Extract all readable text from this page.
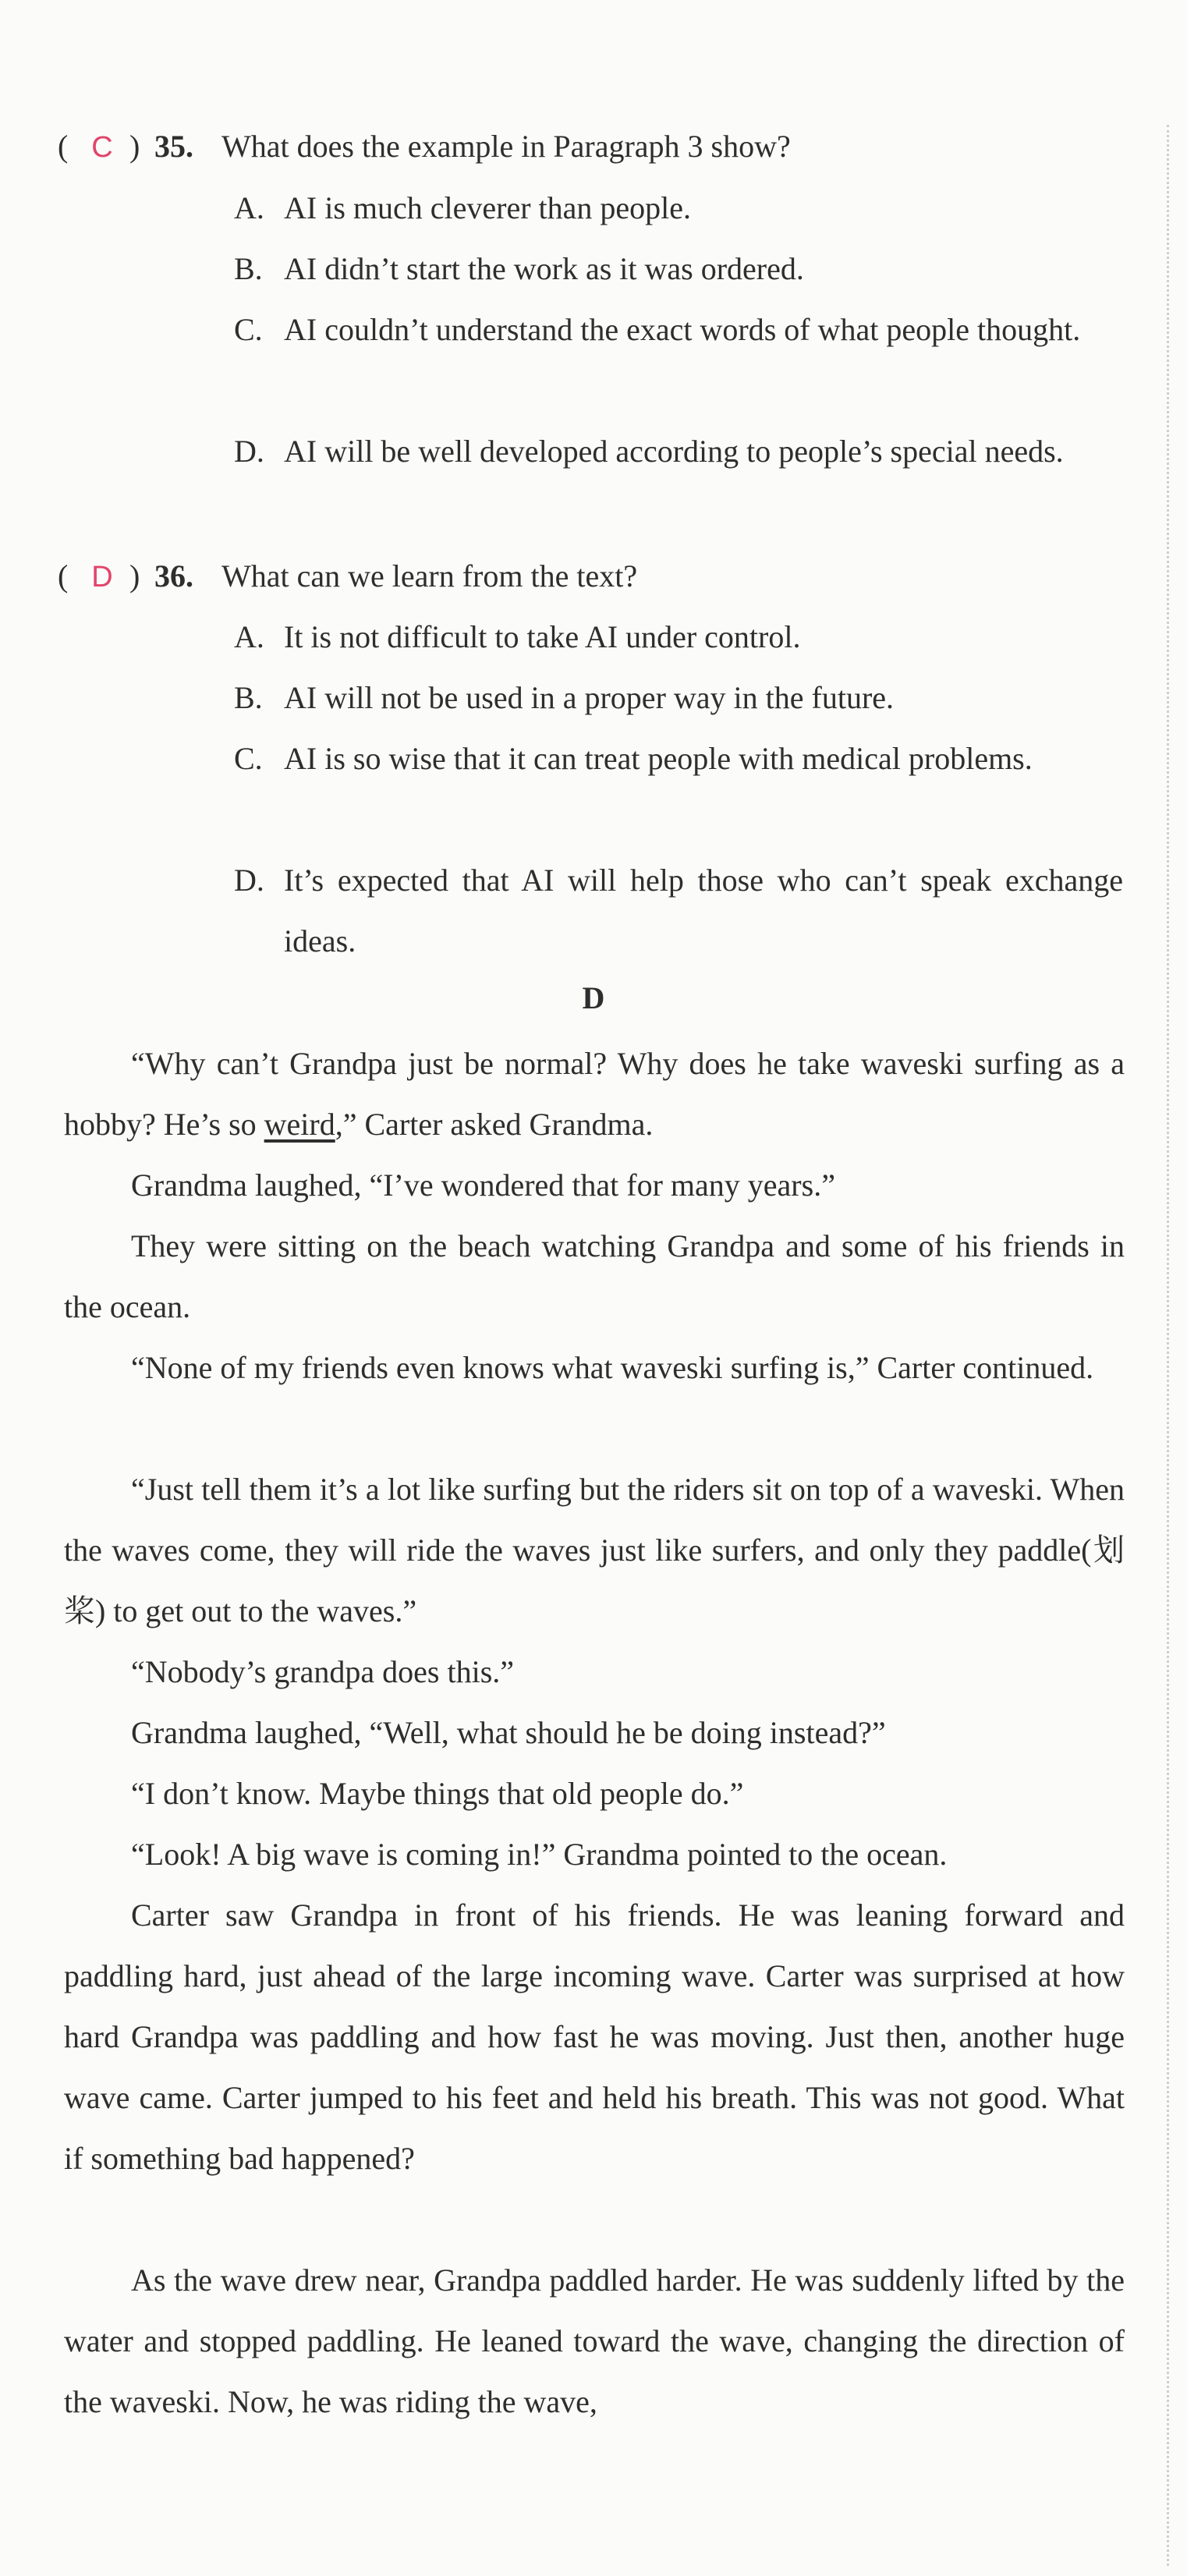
( C ) 35. What does the example in Paragraph 3 show?
A. AI is much cleverer than people.
B. AI didn’t start the work as it was ordered.
C. AI couldn’t understand the exact words of what people thought.
D. AI will be well developed according to people’s special needs.
( D ) 36. What can we learn from the text?
A. It is not difficult to take AI under control.
B. AI will not be used in a proper way in the future.
C. AI is so wise that it can treat people with medical problems.
D. It’s expected that AI will help those who can’t speak exchange ideas.
D

“Why can’t Grandpa just be normal? Why does he take waveski surfing as a hobby? He’s so weird,” Carter asked Grandma.

Grandma laughed, “I’ve wondered that for many years.”

They were sitting on the beach watching Grandpa and some of his friends in the ocean.

“None of my friends even knows what waveski surfing is,” Carter continued.

“Just tell them it’s a lot like surfing but the riders sit on top of a waveski. When the waves come, they will ride the waves just like surfers, and only they paddle(划桨) to get out to the waves.”

“Nobody’s grandpa does this.”

Grandma laughed, “Well, what should he be doing instead?”

“I don’t know. Maybe things that old people do.”

“Look! A big wave is coming in!” Grandma pointed to the ocean.

Carter saw Grandpa in front of his friends. He was leaning forward and paddling hard, just ahead of the large incoming wave. Carter was surprised at how hard Grandpa was paddling and how fast he was moving. Just then, another huge wave came. Carter jumped to his feet and held his breath. This was not good. What if something bad happened?

As the wave drew near, Grandpa paddled harder. He was suddenly lifted by the water and stopped paddling. He leaned toward the wave, changing the direction of the waveski. Now, he was riding the wave,
